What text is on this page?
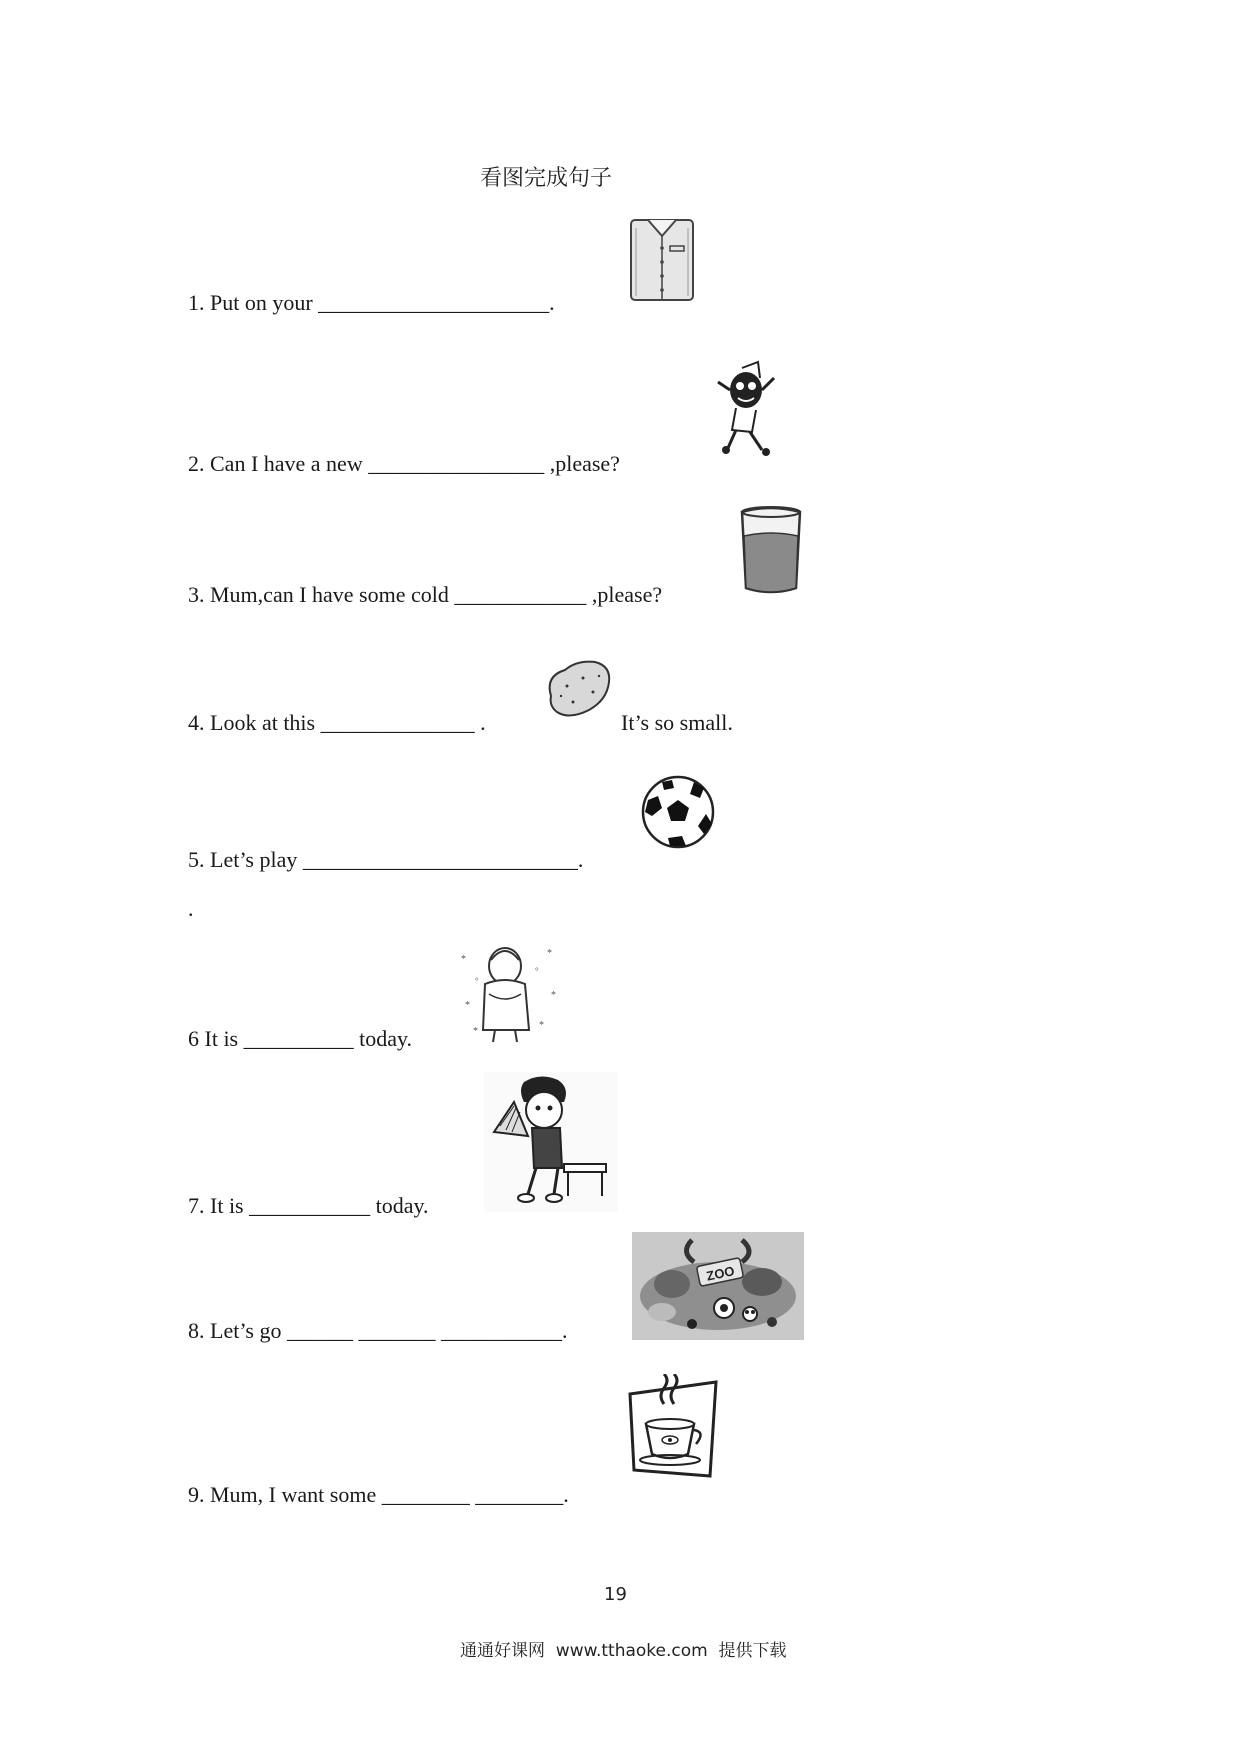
看图完成句子
1. Put on your _____________________.
2. Can I have a new ________________ ,please?
3. Mum,can I have some cold ____________ ,please?
4. Look at this ______________ .	It’s so small.
5. Let’s play _________________________.
.
6 It is __________ today.
*
*
*
*
*
*
°
°
7. It is ___________ today.
8. Let’s go ______ _______ ___________.
ZOO
9. Mum, I want some ________ ________.
19
通通好课网  www.tthaoke.com  提供下载
